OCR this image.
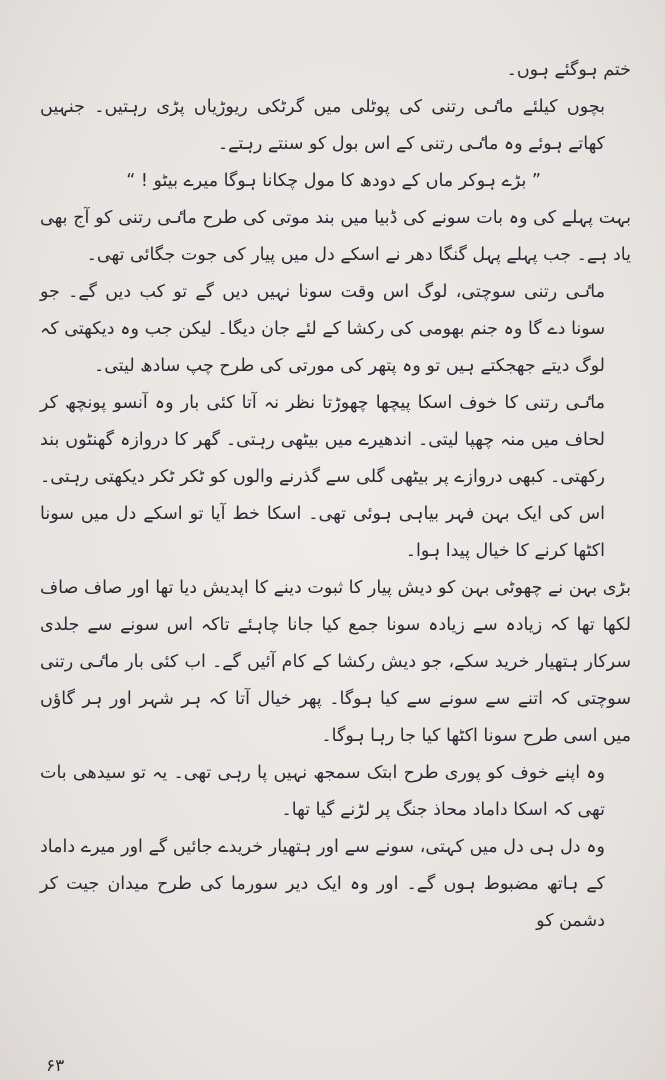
ختم ہوگئے ہوں۔

بچوں کیلئے ماٸی رتنی کی پوٹلی میں گرٹکی ریوڑیاں پڑی رہتیں۔ جنہیں کھاتے ہوئے وہ ماٸی رتنی کے اس بول کو سنتے رہتے۔

” بڑے ہوکر ماں کے دودھ کا مول چکانا ہوگا میرے بیٹو ! “

بہت پہلے کی وہ بات سونے کی ڈبیا میں بند موتی کی طرح ماٸی رتنی کو آج بھی یاد ہے۔ جب پہلے پہل گنگا دھر نے اسکے دل میں پیار کی جوت جگائی تھی۔

ماٸی رتنی سوچتی، لوگ اس وقت سونا نہیں دیں گے تو کب دیں گے۔ جو سونا دے گا وہ جنم بھومی کی رکشا کے لئے جان دیگا۔ لیکن جب وہ دیکھتی کہ لوگ دیتے جھجکتے ہیں تو وہ پتھر کی مورتی کی طرح چپ سادھ لیتی۔

ماٸی رتنی کا خوف اسکا پیچھا چھوڑتا نظر نہ آتا کئی بار وہ آنسو پونچھ کر لحاف میں منہ چھپا لیتی۔ اندھیرے میں بیٹھی رہتی۔ گھر کا دروازہ گھنٹوں بند رکھتی۔ کبھی دروازے پر بیٹھی گلی سے گذرنے والوں کو ٹکر ٹکر دیکھتی رہتی۔ اس کی ایک بہن فہر بیاہی ہوئی تھی۔ اسکا خط آیا تو اسکے دل میں سونا اکٹھا کرنے کا خیال پیدا ہوا۔

بڑی بہن نے چھوٹی بہن کو دیش پیار کا ثبوت دینے کا اپدیش دیا تھا اور صاف صاف لکھا تھا کہ زیادہ سے زیادہ سونا جمع کیا جانا چاہئے تاکہ اس سونے سے جلدی سرکار ہتھیار خرید سکے، جو دیش رکشا کے کام آئیں گے۔ اب کئی بار ماٸی رتنی سوچتی کہ اتنے سے سونے سے کیا ہوگا۔ پھر خیال آتا کہ ہر شہر اور ہر گاؤں میں اسی طرح سونا اکٹھا کیا جا رہا ہوگا۔

وہ اپنے خوف کو پوری طرح ابتک سمجھ نہیں پا رہی تھی۔ یہ تو سیدھی بات تھی کہ اسکا داماد محاذ جنگ پر لڑنے گیا تھا۔

وہ دل ہی دل میں کہتی، سونے سے اور ہتھیار خریدے جائیں گے اور میرے داماد کے ہاتھ مضبوط ہوں گے۔ اور وہ ایک دیر سورما کی طرح میدان جیت کر دشمن کو

۶۳
